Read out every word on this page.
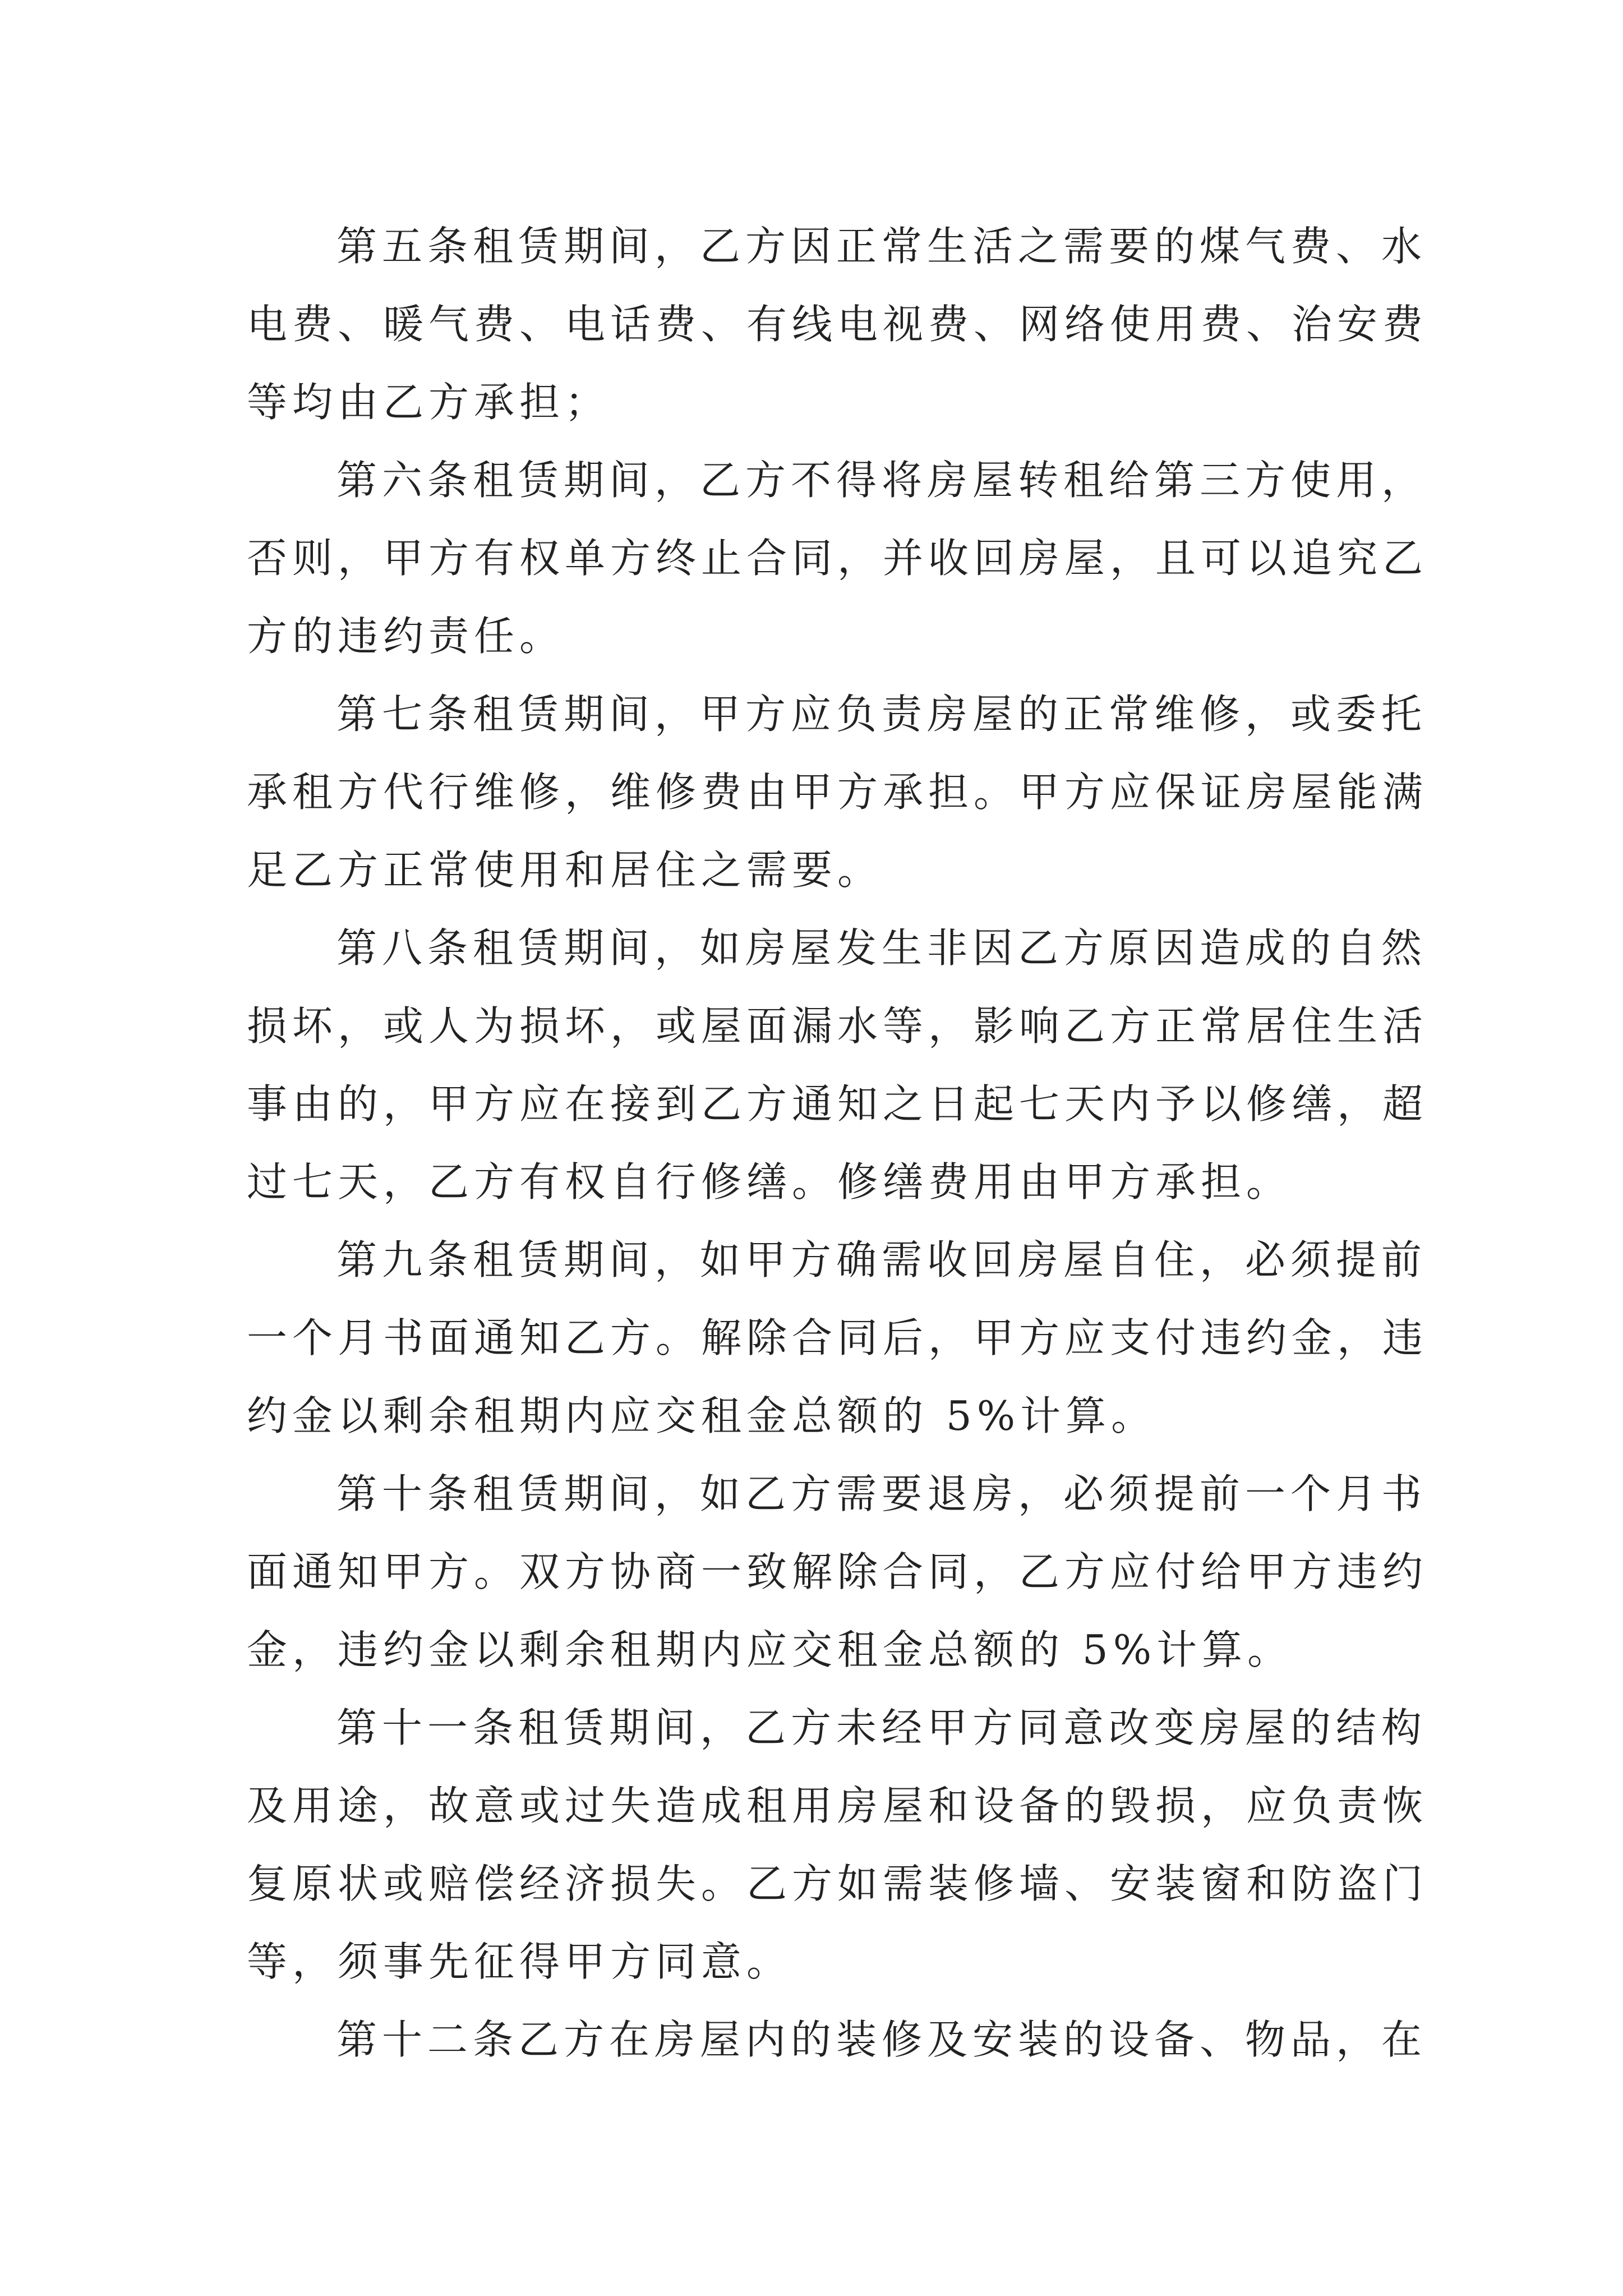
第五条租赁期间，乙方因正常生活之需要的煤气费、水
电费、暖气费、电话费、有线电视费、网络使用费、治安费
等均由乙方承担；
第六条租赁期间，乙方不得将房屋转租给第三方使用，
否则，甲方有权单方终止合同，并收回房屋，且可以追究乙
方的违约责任。
第七条租赁期间，甲方应负责房屋的正常维修，或委托
承租方代行维修，维修费由甲方承担。甲方应保证房屋能满
足乙方正常使用和居住之需要。
第八条租赁期间，如房屋发生非因乙方原因造成的自然
损坏，或人为损坏，或屋面漏水等，影响乙方正常居住生活
事由的，甲方应在接到乙方通知之日起七天内予以修缮，超
过七天，乙方有权自行修缮。修缮费用由甲方承担。
第九条租赁期间，如甲方确需收回房屋自住，必须提前
一个月书面通知乙方。解除合同后，甲方应支付违约金，违
约金以剩余租期内应交租金总额的 5%计算。
第十条租赁期间，如乙方需要退房，必须提前一个月书
面通知甲方。双方协商一致解除合同，乙方应付给甲方违约
金，违约金以剩余租期内应交租金总额的 5%计算。
第十一条租赁期间，乙方未经甲方同意改变房屋的结构
及用途，故意或过失造成租用房屋和设备的毁损，应负责恢
复原状或赔偿经济损失。乙方如需装修墙、安装窗和防盗门
等，须事先征得甲方同意。
第十二条乙方在房屋内的装修及安装的设备、物品，在
